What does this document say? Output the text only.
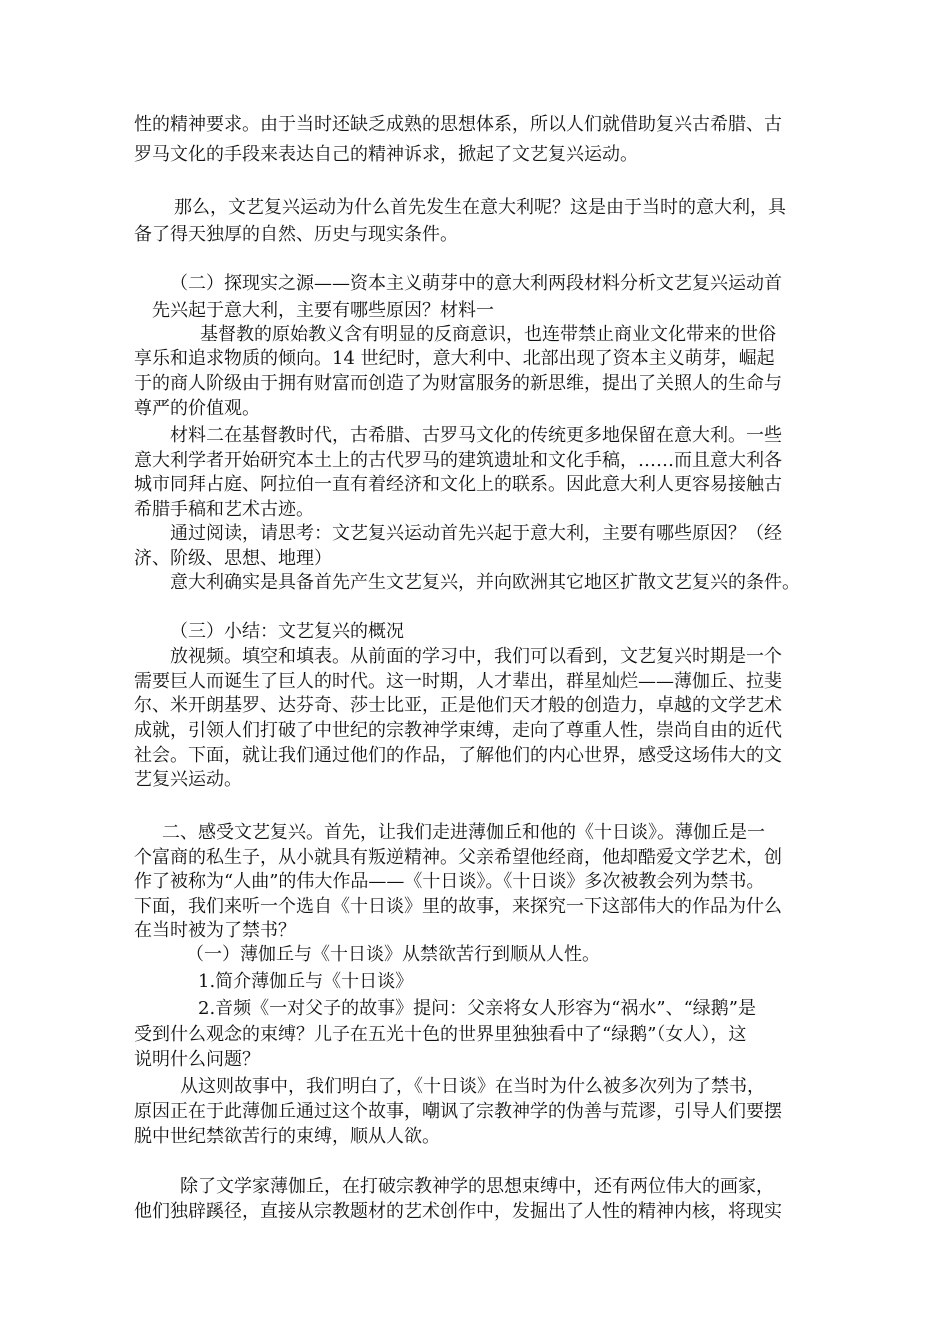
性的精神要求。由于当时还缺乏成熟的思想体系，所以人们就借助复兴古希腊、古

罗马文化的手段来表达自己的精神诉求，掀起了文艺复兴运动。

那么，文艺复兴运动为什么首先发生在意大利呢？这是由于当时的意大利，具

备了得天独厚的自然、历史与现实条件。

（二）探现实之源——资本主义萌芽中的意大利两段材料分析文艺复兴运动首

先兴起于意大利，主要有哪些原因？材料一

基督教的原始教义含有明显的反商意识，也连带禁止商业文化带来的世俗

享乐和追求物质的倾向。14 世纪时，意大利中、北部出现了资本主义萌芽，崛起

于的商人阶级由于拥有财富而创造了为财富服务的新思维，提出了关照人的生命与

尊严的价值观。

材料二在基督教时代，古希腊、古罗马文化的传统更多地保留在意大利。一些

意大利学者开始研究本土上的古代罗马的建筑遗址和文化手稿，……而且意大利各

城市同拜占庭、阿拉伯一直有着经济和文化上的联系。因此意大利人更容易接触古

希腊手稿和艺术古迹。

通过阅读，请思考：文艺复兴运动首先兴起于意大利，主要有哪些原因？（经

济、阶级、思想、地理）

意大利确实是具备首先产生文艺复兴，并向欧洲其它地区扩散文艺复兴的条件。

（三）小结：文艺复兴的概况

放视频。填空和填表。从前面的学习中，我们可以看到，文艺复兴时期是一个

需要巨人而诞生了巨人的时代。这一时期，人才辈出，群星灿烂——薄伽丘、拉斐

尔、米开朗基罗、达芬奇、莎士比亚，正是他们天才般的创造力，卓越的文学艺术

成就，引领人们打破了中世纪的宗教神学束缚，走向了尊重人性，崇尚自由的近代

社会。下面，就让我们通过他们的作品，了解他们的内心世界，感受这场伟大的文

艺复兴运动。

二、感受文艺复兴。首先，让我们走进薄伽丘和他的《十日谈》。薄伽丘是一

个富商的私生子，从小就具有叛逆精神。父亲希望他经商，他却酷爱文学艺术，创

作了被称为“人曲”的伟大作品——《十日谈》。《十日谈》多次被教会列为禁书。

下面，我们来听一个选自《十日谈》里的故事，来探究一下这部伟大的作品为什么

在当时被为了禁书？

（一）薄伽丘与《十日谈》从禁欲苦行到顺从人性。

1.简介薄伽丘与《十日谈》

2.音频《一对父子的故事》提问：父亲将女人形容为“祸水”、“绿鹅”是

受到什么观念的束缚？儿子在五光十色的世界里独独看中了“绿鹅”（女人），这

说明什么问题？

从这则故事中，我们明白了，《十日谈》在当时为什么被多次列为了禁书，

原因正在于此薄伽丘通过这个故事，嘲讽了宗教神学的伪善与荒谬，引导人们要摆

脱中世纪禁欲苦行的束缚，顺从人欲。

除了文学家薄伽丘，在打破宗教神学的思想束缚中，还有两位伟大的画家，

他们独辟蹊径，直接从宗教题材的艺术创作中，发掘出了人性的精神内核，将现实
